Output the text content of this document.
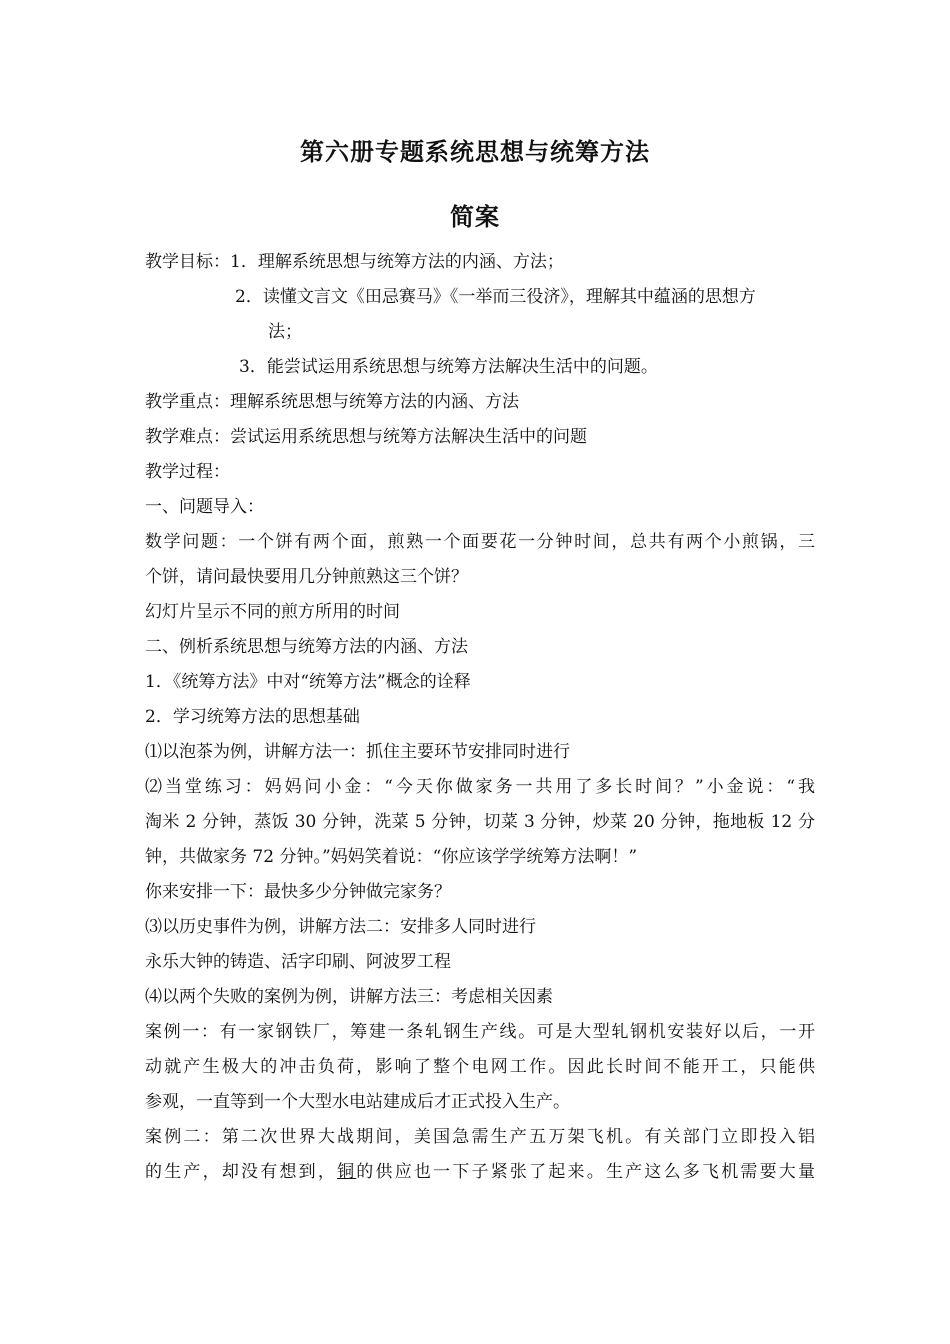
第六册专题系统思想与统筹方法
简案
教学目标：1．理解系统思想与统筹方法的内涵、方法；
2．读懂文言文《田忌赛马》《一举而三役济》，理解其中蕴涵的思想方
法；
3．能尝试运用系统思想与统筹方法解决生活中的问题。
教学重点：理解系统思想与统筹方法的内涵、方法
教学难点：尝试运用系统思想与统筹方法解决生活中的问题
教学过程：
一、问题导入：
数学问题：一个饼有两个面，煎熟一个面要花一分钟时间，总共有两个小煎锅，三
个饼，请问最快要用几分钟煎熟这三个饼？
幻灯片呈示不同的煎方所用的时间
二、例析系统思想与统筹方法的内涵、方法
1．《统筹方法》中对“统筹方法”概念的诠释
2．学习统筹方法的思想基础
⑴以泡茶为例，讲解方法一：抓住主要环节安排同时进行
⑵当堂练习：妈妈问小金：“今天你做家务一共用了多长时间？”小金说：“我
淘米 2 分钟，蒸饭 30 分钟，洗菜 5 分钟，切菜 3 分钟，炒菜 20 分钟，拖地板 12 分
钟，共做家务 72 分钟。”妈妈笑着说：“你应该学学统筹方法啊！”
你来安排一下：最快多少分钟做完家务？
⑶以历史事件为例，讲解方法二：安排多人同时进行
永乐大钟的铸造、活字印刷、阿波罗工程
⑷以两个失败的案例为例，讲解方法三：考虑相关因素
案例一：有一家钢铁厂，筹建一条轧钢生产线。可是大型轧钢机安装好以后，一开
动就产生极大的冲击负荷，影响了整个电网工作。因此长时间不能开工，只能供
参观，一直等到一个大型水电站建成后才正式投入生产。
案例二：第二次世界大战期间，美国急需生产五万架飞机。有关部门立即投入铝
的生产，却没有想到，铜的供应也一下子紧张了起来。生产这么多飞机需要大量
